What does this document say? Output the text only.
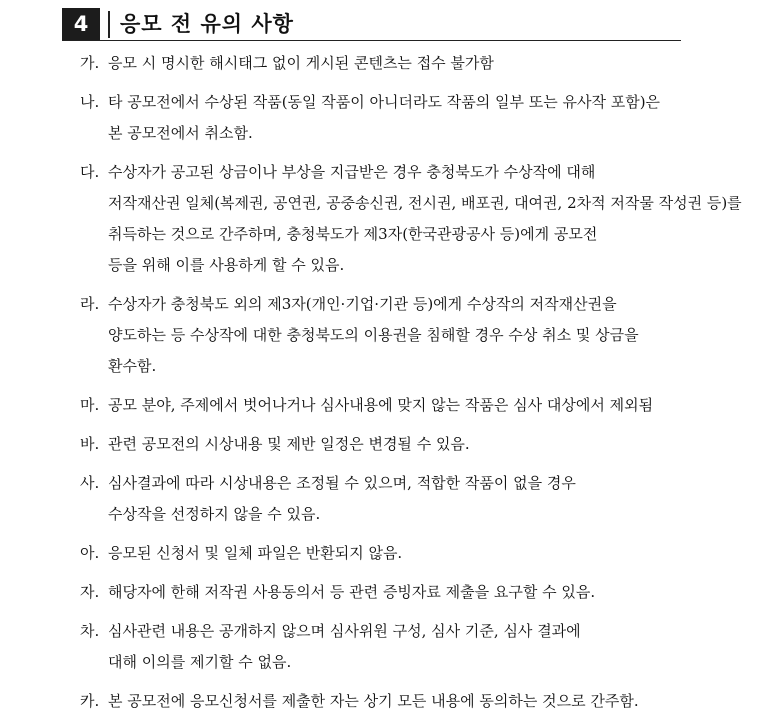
4	응모 전 유의 사항
가. 응모 시 명시한 해시태그 없이 게시된 콘텐츠는 접수 불가함
나. 타 공모전에서 수상된 작품(동일 작품이 아니더라도 작품의 일부 또는 유사작 포함)은
본 공모전에서 취소함.
다. 수상자가 공고된 상금이나 부상을 지급받은 경우 충청북도가 수상작에 대해
저작재산권 일체(복제권, 공연권, 공중송신권, 전시권, 배포권, 대여권, 2차적 저작물 작성권 등)를
취득하는 것으로 간주하며, 충청북도가 제3자(한국관광공사 등)에게 공모전
등을 위해 이를 사용하게 할 수 있음.
라. 수상자가 충청북도 외의 제3자(개인·기업·기관 등)에게 수상작의 저작재산권을
양도하는 등 수상작에 대한 충청북도의 이용권을 침해할 경우 수상 취소 및 상금을
환수함.
마. 공모 분야, 주제에서 벗어나거나 심사내용에 맞지 않는 작품은 심사 대상에서 제외됨
바. 관련 공모전의 시상내용 및 제반 일정은 변경될 수 있음.
사. 심사결과에 따라 시상내용은 조정될 수 있으며, 적합한 작품이 없을 경우
수상작을 선정하지 않을 수 있음.
아. 응모된 신청서 및 일체 파일은 반환되지 않음.
자. 해당자에 한해 저작권 사용동의서 등 관련 증빙자료 제출을 요구할 수 있음.
차. 심사관련 내용은 공개하지 않으며 심사위원 구성, 심사 기준, 심사 결과에
대해 이의를 제기할 수 없음.
카. 본 공모전에 응모신청서를 제출한 자는 상기 모든 내용에 동의하는 것으로 간주함.
